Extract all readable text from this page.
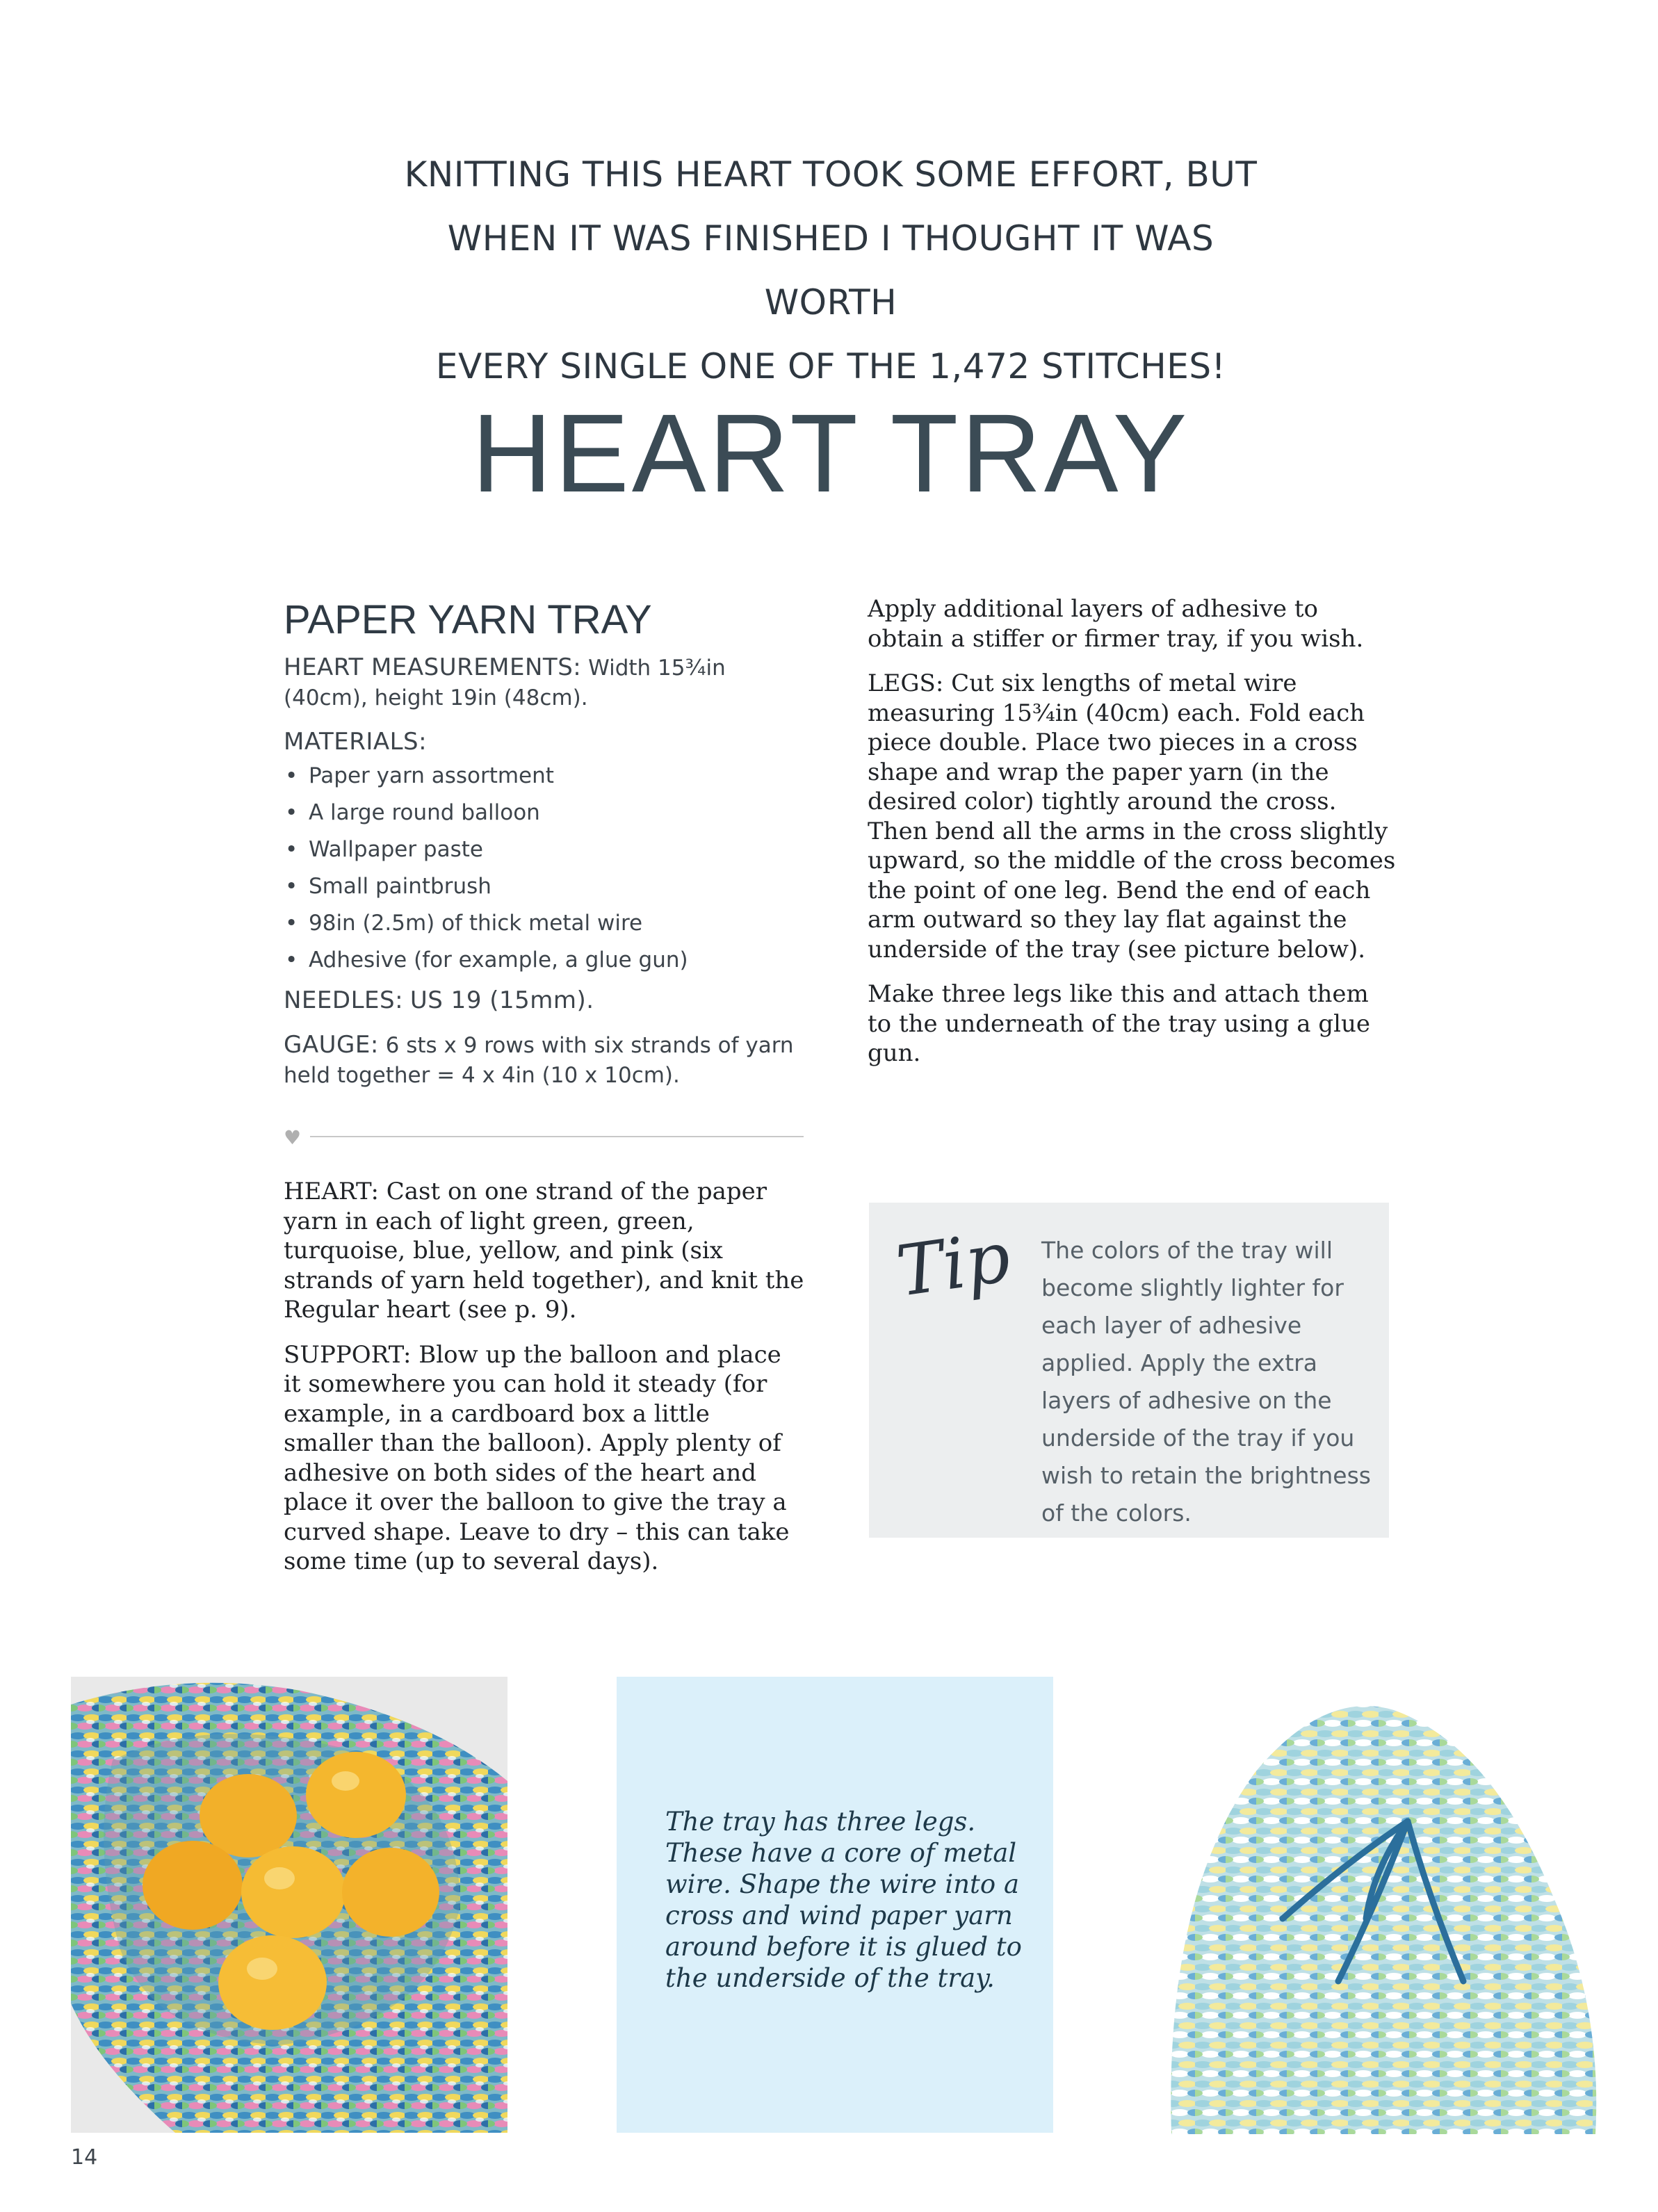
KNITTING THIS HEART TOOK SOME EFFORT, BUT
WHEN IT WAS FINISHED I THOUGHT IT WAS WORTH
EVERY SINGLE ONE OF THE 1,472 STITCHES!
HEART TRAY
PAPER YARN TRAY

HEART MEASUREMENTS: Width 15¾in (40cm), height 19in (48cm).

MATERIALS:

• Paper yarn assortment
• A large round balloon
• Wallpaper paste
• Small paintbrush
• 98in (2.5m) of thick metal wire
• Adhesive (for example, a glue gun)

NEEDLES: US 19 (15mm).

GAUGE: 6 sts x 9 rows with six strands of yarn held together = 4 x 4in (10 x 10cm).

Apply additional layers of adhesive to obtain a stiffer or firmer tray, if you wish.

LEGS: Cut six lengths of metal wire measuring 15¾in (40cm) each. Fold each piece double. Place two pieces in a cross shape and wrap the paper yarn (in the desired color) tightly around the cross. Then bend all the arms in the cross slightly upward, so the middle of the cross becomes the point of one leg. Bend the end of each arm outward so they lay flat against the underside of the tray (see picture below).

Make three legs like this and attach them to the underneath of the tray using a glue gun.

♥

HEART: Cast on one strand of the paper yarn in each of light green, green, turquoise, blue, yellow, and pink (six strands of yarn held together), and knit the Regular heart (see p. 9).

SUPPORT: Blow up the balloon and place it somewhere you can hold it steady (for example, in a cardboard box a little smaller than the balloon). Apply plenty of adhesive on both sides of the heart and place it over the balloon to give the tray a curved shape. Leave to dry – this can take some time (up to several days).

Tip The colors of the tray will become slightly lighter for each layer of adhesive applied. Apply the extra layers of adhesive on the underside of the tray if you wish to retain the brightness of the colors.
The tray has three legs. These have a core of metal wire. Shape the wire into a cross and wind paper yarn around before it is glued to the underside of the tray.
14
